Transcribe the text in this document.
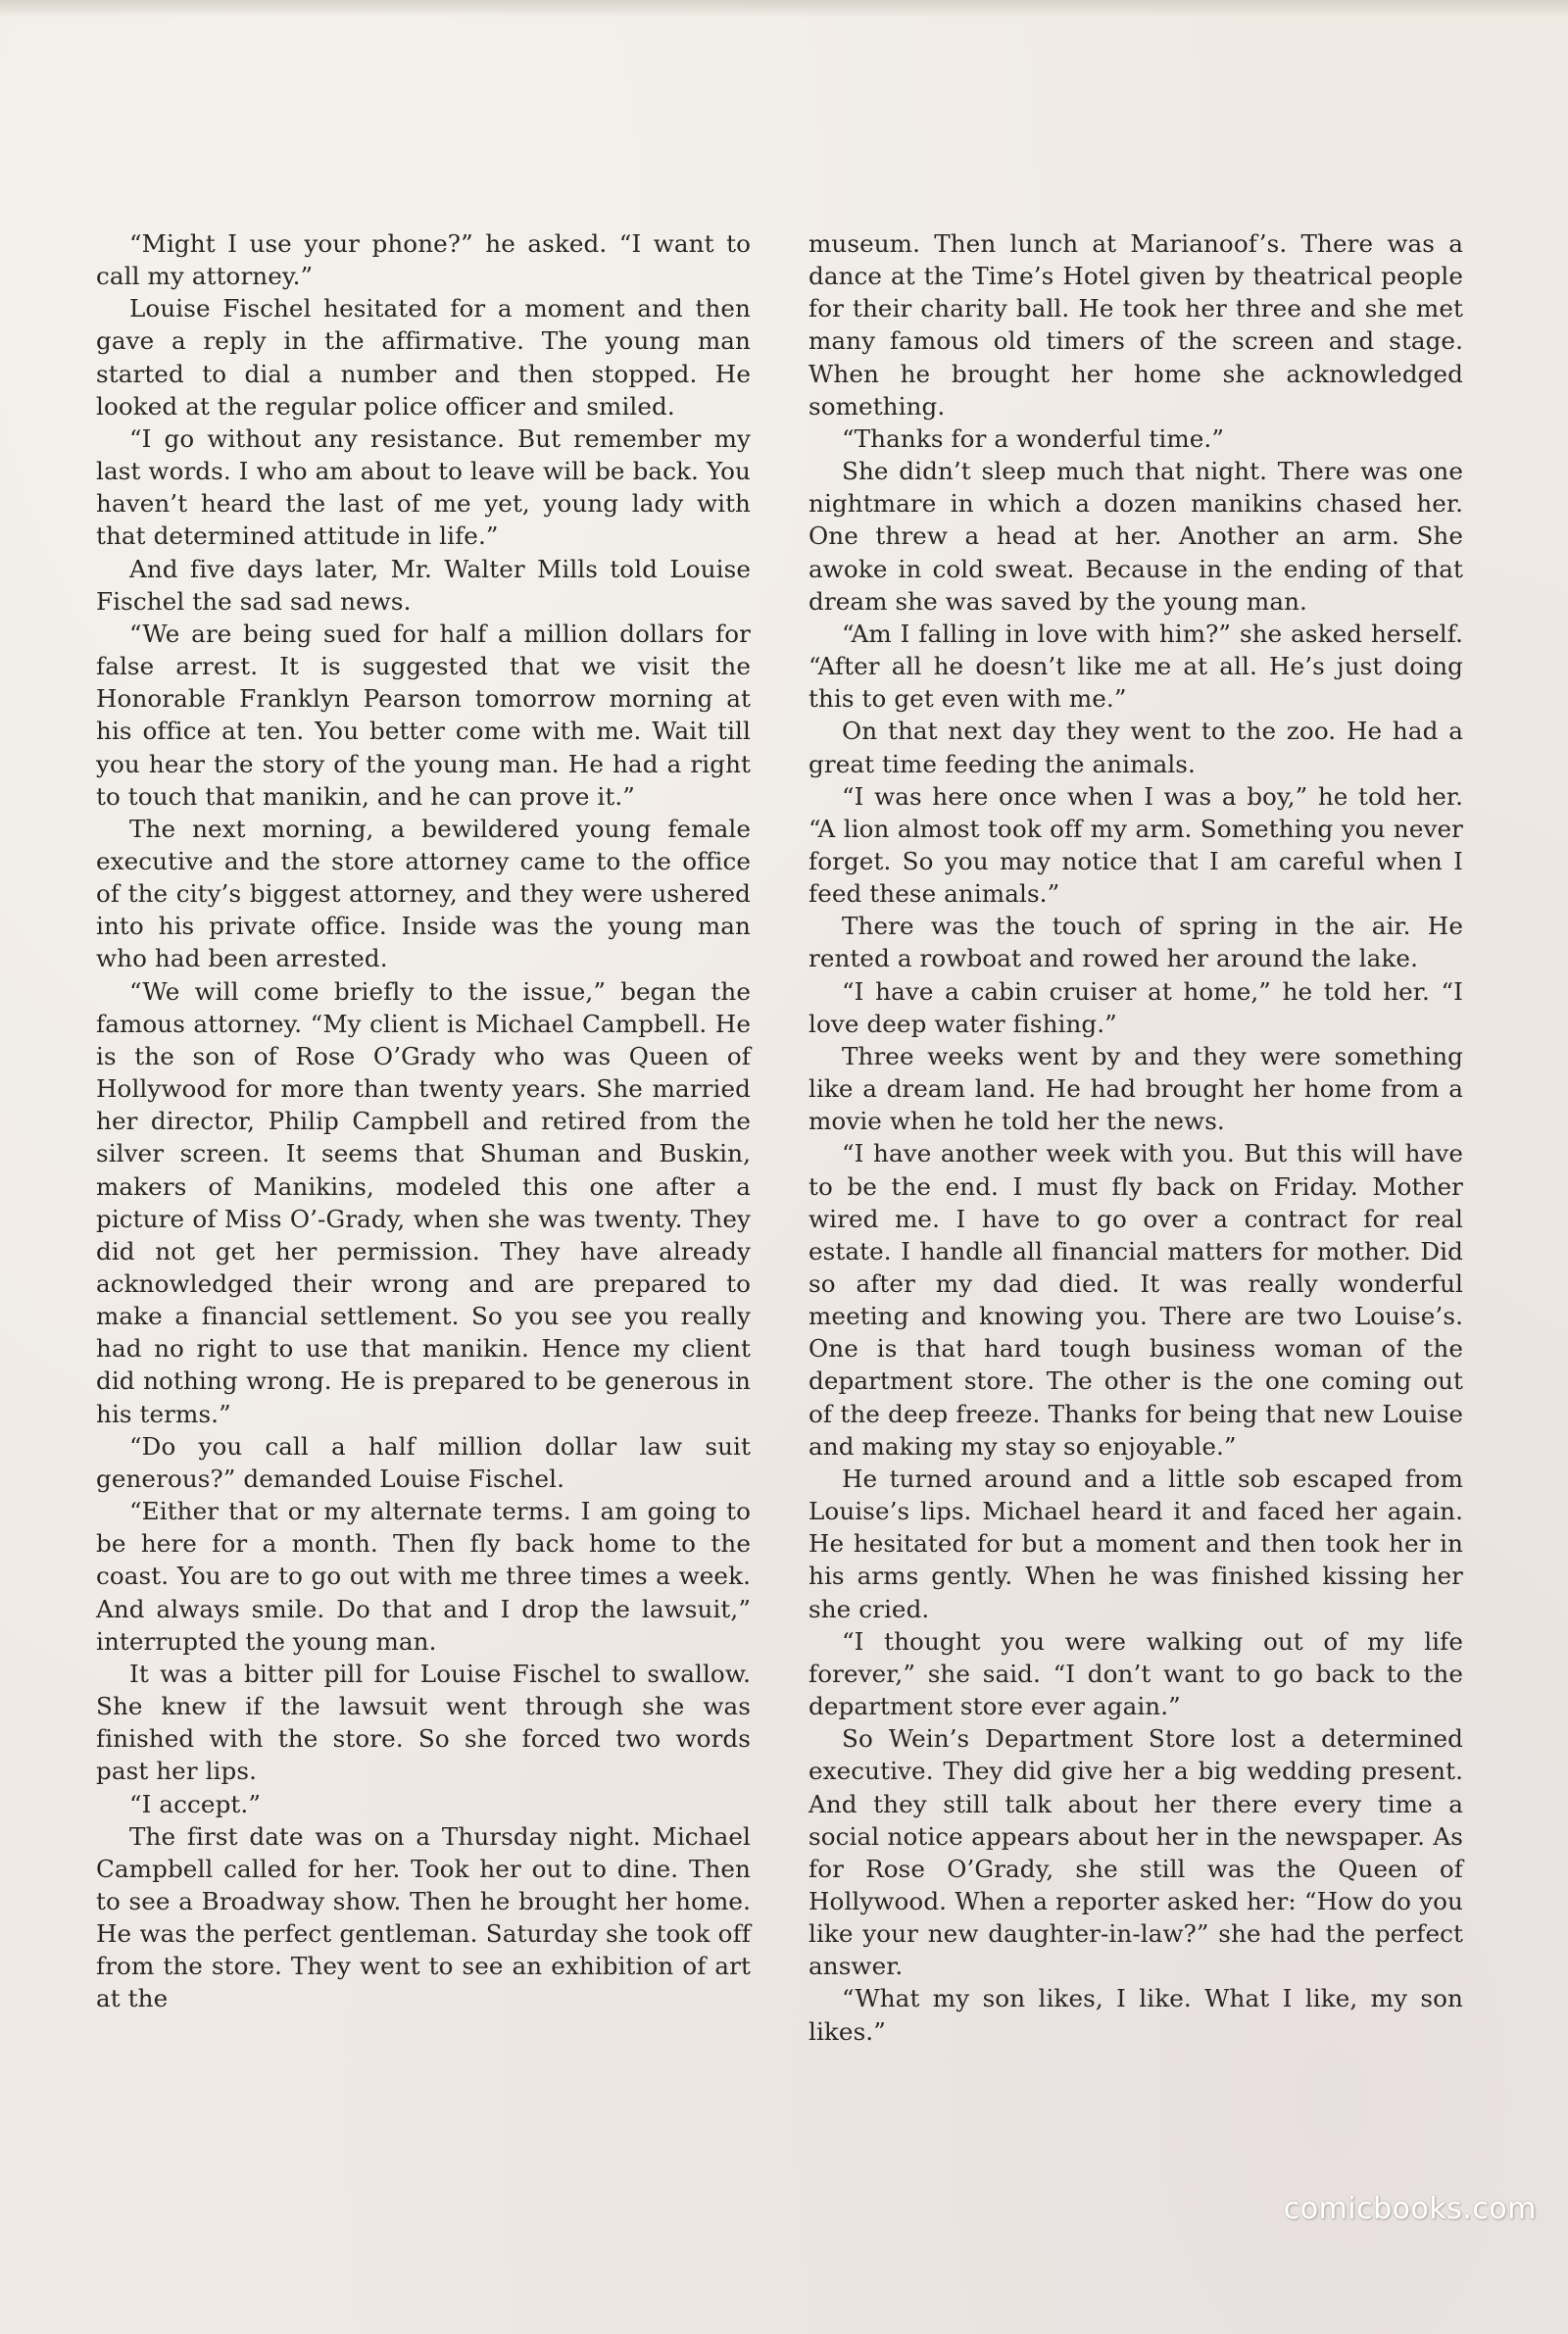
“Might I use your phone?” he asked. “I want to call my attorney.”

Louise Fischel hesitated for a moment and then gave a reply in the affirmative. The young man started to dial a number and then stopped. He looked at the regular police officer and smiled.

“I go without any resistance. But remember my last words. I who am about to leave will be back. You haven’t heard the last of me yet, young lady with that determined attitude in life.”

And five days later, Mr. Walter Mills told Louise Fischel the sad sad news.

“We are being sued for half a million dollars for false arrest. It is suggested that we visit the Honorable Franklyn Pearson tomorrow morning at his office at ten. You better come with me. Wait till you hear the story of the young man. He had a right to touch that manikin, and he can prove it.”

The next morning, a bewildered young female executive and the store attorney came to the office of the city’s biggest attorney, and they were ushered into his private office. Inside was the young man who had been arrested.

“We will come briefly to the issue,” began the famous attorney. “My client is Michael Campbell. He is the son of Rose O’Grady who was Queen of Hollywood for more than twenty years. She married her director, Philip Campbell and retired from the silver screen. It seems that Shuman and Buskin, makers of Manikins, modeled this one after a picture of Miss O’-Grady, when she was twenty. They did not get her permission. They have already acknowledged their wrong and are prepared to make a financial settlement. So you see you really had no right to use that manikin. Hence my client did nothing wrong. He is prepared to be generous in his terms.”

“Do you call a half million dollar law suit generous?” demanded Louise Fischel.

“Either that or my alternate terms. I am going to be here for a month. Then fly back home to the coast. You are to go out with me three times a week. And always smile. Do that and I drop the lawsuit,” interrupted the young man.

It was a bitter pill for Louise Fischel to swallow. She knew if the lawsuit went through she was finished with the store. So she forced two words past her lips.

“I accept.”

The first date was on a Thursday night. Michael Campbell called for her. Took her out to dine. Then to see a Broadway show. Then he brought her home. He was the perfect gentleman. Saturday she took off from the store. They went to see an exhibition of art at the

museum. Then lunch at Marianoof’s. There was a dance at the Time’s Hotel given by theatrical people for their charity ball. He took her three and she met many famous old timers of the screen and stage. When he brought her home she acknowledged something.

“Thanks for a wonderful time.”

She didn’t sleep much that night. There was one nightmare in which a dozen manikins chased her. One threw a head at her. Another an arm. She awoke in cold sweat. Because in the ending of that dream she was saved by the young man.

“Am I falling in love with him?” she asked herself. “After all he doesn’t like me at all. He’s just doing this to get even with me.”

On that next day they went to the zoo. He had a great time feeding the animals.

“I was here once when I was a boy,” he told her. “A lion almost took off my arm. Something you never forget. So you may notice that I am careful when I feed these animals.”

There was the touch of spring in the air. He rented a rowboat and rowed her around the lake.

“I have a cabin cruiser at home,” he told her. “I love deep water fishing.”

Three weeks went by and they were something like a dream land. He had brought her home from a movie when he told her the news.

“I have another week with you. But this will have to be the end. I must fly back on Friday. Mother wired me. I have to go over a contract for real estate. I handle all financial matters for mother. Did so after my dad died. It was really wonderful meeting and knowing you. There are two Louise’s. One is that hard tough business woman of the department store. The other is the one coming out of the deep freeze. Thanks for being that new Louise and making my stay so enjoyable.”

He turned around and a little sob escaped from Louise’s lips. Michael heard it and faced her again. He hesitated for but a moment and then took her in his arms gently. When he was finished kissing her she cried.

“I thought you were walking out of my life forever,” she said. “I don’t want to go back to the department store ever again.”

So Wein’s Department Store lost a determined executive. They did give her a big wedding present. And they still talk about her there every time a social notice appears about her in the newspaper. As for Rose O’Grady, she still was the Queen of Hollywood. When a reporter asked her: “How do you like your new daughter-in-law?” she had the perfect answer.

“What my son likes, I like. What I like, my son likes.”

comicbooks.com
